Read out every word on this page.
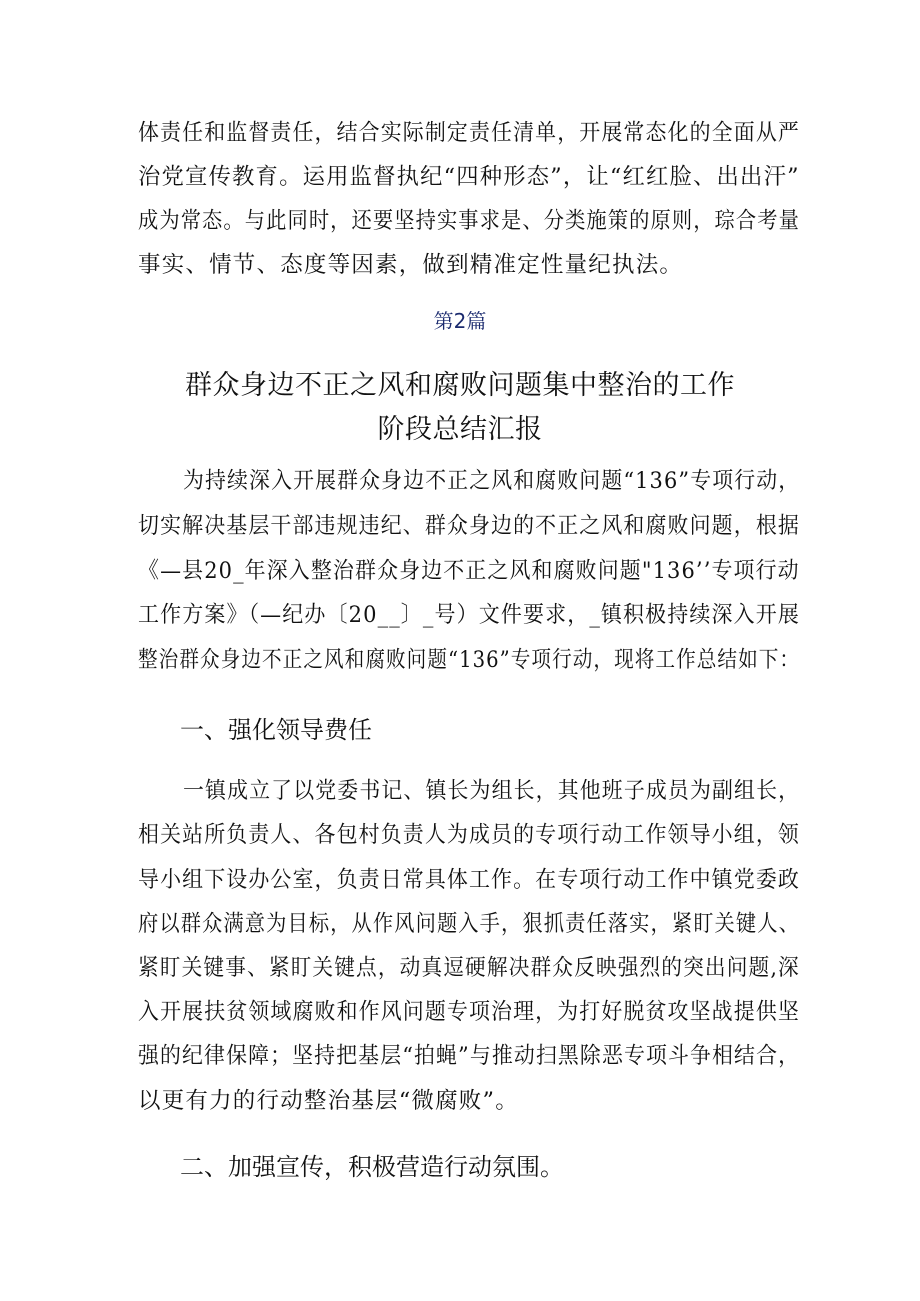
体责任和监督责任，结合实际制定责任清单，开展常态化的全面从严
治党宣传教育。运用监督执纪“四种形态”，让“红红脸、出出汗”
成为常态。与此同时，还要坚持实事求是、分类施策的原则，琮合考量
事实、情节、态度等因素，做到精准定性量纪执法。
第2篇
群众身边不正之风和腐败问题集中整治的工作
阶段总结汇报
为持续深入开展群众身边不正之风和腐败问题“136”专项行动，
切实解决基层干部违规违纪、群众身边的不正之风和腐败问题，根据
《—县20_年深入整治群众身边不正之风和腐败问题"136’’专项行动
工作方案》（—纪办〔20__〕_号）文件要求，_镇积极持续深入开展
整治群众身边不正之风和腐败问题“136”专项行动，现将工作总结如下：
一、强化领导费任
一镇成立了以党委书记、镇长为组长，其他班子成员为副组长，
相关站所负责人、各包村负责人为成员的专项行动工作领导小组，领
导小组下设办公室，负责日常具体工作。在专项行动工作中镇党委政
府以群众满意为目标，从作风问题入手，狠抓责任落实，紧盯关键人、
紧盯关键事、紧盯关键点，动真逗硬解决群众反映强烈的突出问题,深
入开展扶贫领域腐败和作风问题专项治理，为打好脱贫攻坚战提供坚
强的纪律保障；坚持把基层“拍蝇”与推动扫黑除恶专项斗争相结合，
以更有力的行动整治基层“微腐败”。
二、加强宣传，积极营造行动氛围。
